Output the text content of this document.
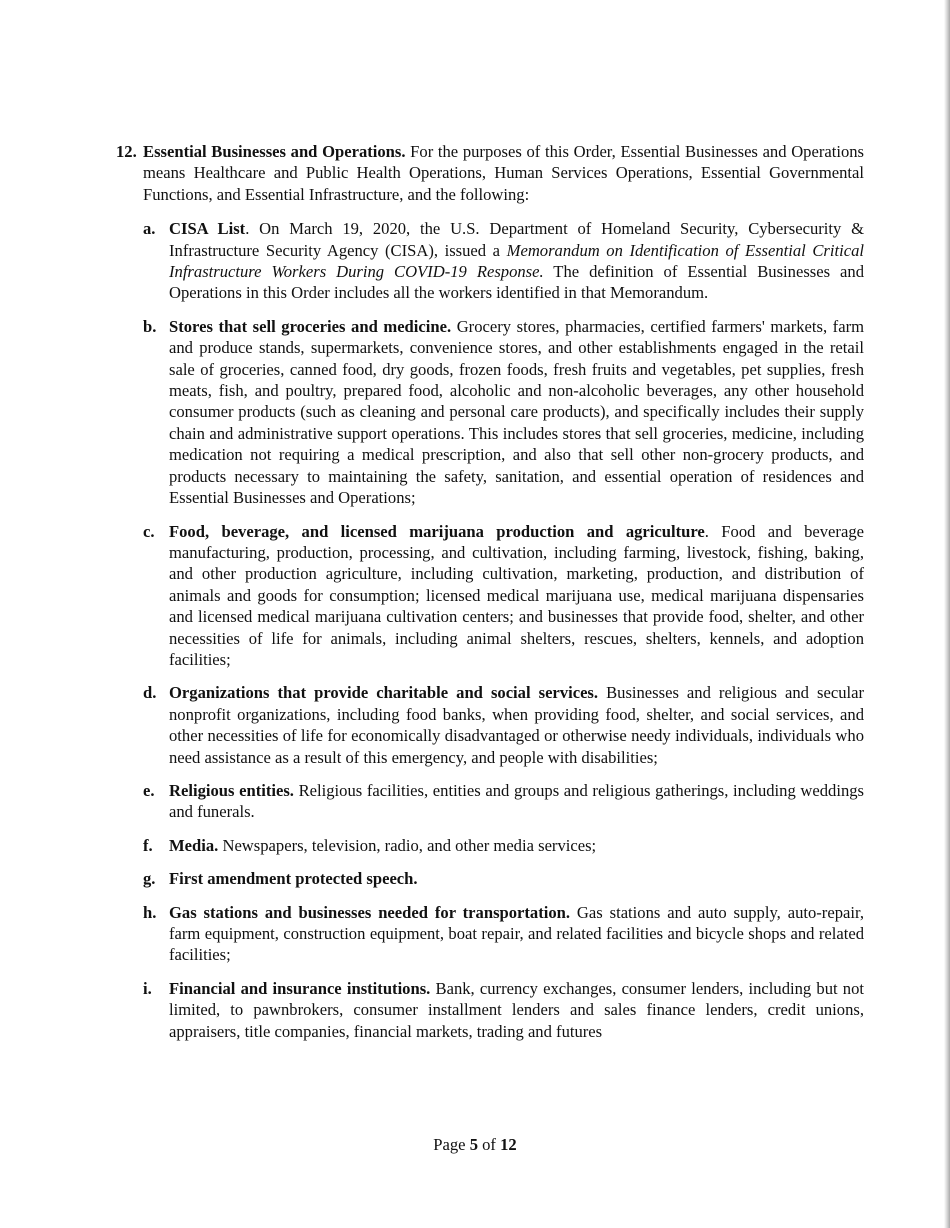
12. Essential Businesses and Operations. For the purposes of this Order, Essential Businesses and Operations means Healthcare and Public Health Operations, Human Services Operations, Essential Governmental Functions, and Essential Infrastructure, and the following:
a. CISA List. On March 19, 2020, the U.S. Department of Homeland Security, Cybersecurity & Infrastructure Security Agency (CISA), issued a Memorandum on Identification of Essential Critical Infrastructure Workers During COVID-19 Response. The definition of Essential Businesses and Operations in this Order includes all the workers identified in that Memorandum.
b. Stores that sell groceries and medicine. Grocery stores, pharmacies, certified farmers' markets, farm and produce stands, supermarkets, convenience stores, and other establishments engaged in the retail sale of groceries, canned food, dry goods, frozen foods, fresh fruits and vegetables, pet supplies, fresh meats, fish, and poultry, prepared food, alcoholic and non-alcoholic beverages, any other household consumer products (such as cleaning and personal care products), and specifically includes their supply chain and administrative support operations. This includes stores that sell groceries, medicine, including medication not requiring a medical prescription, and also that sell other non-grocery products, and products necessary to maintaining the safety, sanitation, and essential operation of residences and Essential Businesses and Operations;
c. Food, beverage, and licensed marijuana production and agriculture. Food and beverage manufacturing, production, processing, and cultivation, including farming, livestock, fishing, baking, and other production agriculture, including cultivation, marketing, production, and distribution of animals and goods for consumption; licensed medical marijuana use, medical marijuana dispensaries and licensed medical marijuana cultivation centers; and businesses that provide food, shelter, and other necessities of life for animals, including animal shelters, rescues, shelters, kennels, and adoption facilities;
d. Organizations that provide charitable and social services. Businesses and religious and secular nonprofit organizations, including food banks, when providing food, shelter, and social services, and other necessities of life for economically disadvantaged or otherwise needy individuals, individuals who need assistance as a result of this emergency, and people with disabilities;
e. Religious entities. Religious facilities, entities and groups and religious gatherings, including weddings and funerals.
f. Media. Newspapers, television, radio, and other media services;
g. First amendment protected speech.
h. Gas stations and businesses needed for transportation. Gas stations and auto supply, auto-repair, farm equipment, construction equipment, boat repair, and related facilities and bicycle shops and related facilities;
i. Financial and insurance institutions. Bank, currency exchanges, consumer lenders, including but not limited, to pawnbrokers, consumer installment lenders and sales finance lenders, credit unions, appraisers, title companies, financial markets, trading and futures
Page 5 of 12
